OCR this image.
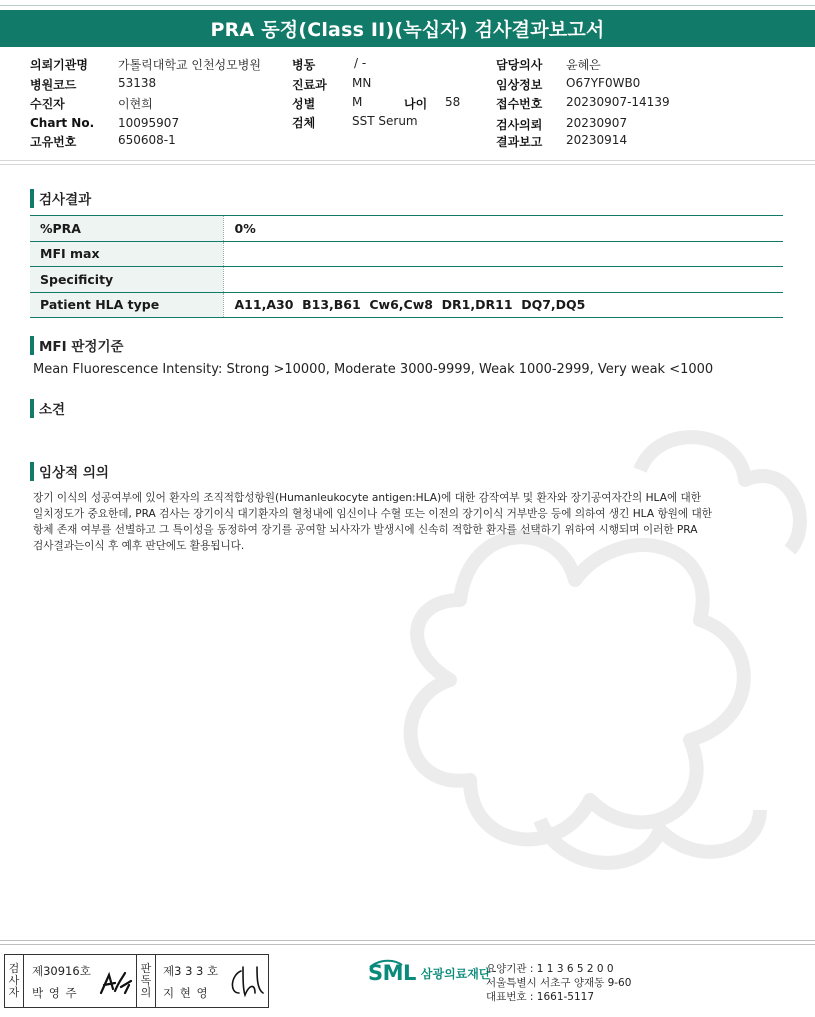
PRA 동정(Class II)(녹십자) 검사결과보고서
의뢰기관명	가톨릭대학교 인천성모병원
병원코드	53138
수진자	이현희
Chart No. 10095907
고유번호	650608-1
병동	/ -
진료과 MN
성별	M	나이 58
검체	SST Serum
담당의사 윤혜은
임상정보 O67YF0WB0
접수번호 20230907-14139
검사의뢰 20230907
결과보고 20230914
검사결과
%PRA	0%
MFI max	
Specificity	
Patient HLA type	A11,A30  B13,B61  Cw6,Cw8  DR1,DR11  DQ7,DQ5
MFI 판정기준
Mean Fluorescence Intensity: Strong >10000, Moderate 3000-9999, Weak 1000-2999, Very weak <1000
소견
임상적 의의
장기 이식의 성공여부에 있어 환자의 조직적합성항원(Humanleukocyte antigen:HLA)에 대한 감작여부 및 환자와 장기공여자간의 HLA에 대한
일치정도가 중요한데, PRA 검사는 장기이식 대기환자의 혈청내에 임신이나 수혈 또는 이전의 장기이식 거부반응 등에 의하여 생긴 HLA 항원에 대한
항체 존재 여부를 선별하고 그 특이성을 동정하여 장기를 공여할 뇌사자가 발생시에 신속히 적합한 환자를 선택하기 위하여 시행되며 이러한 PRA
검사결과는이식 후 예후 판단에도 활용됩니다.
검
사
자
제30916호
박 영 주
판
독
의
제3 3 3 호
지 현 영
SML 삼광의료재단
요양기관 : 1 1 3 6 5 2 0 0
서울특별시 서초구 양재동 9-60
대표번호 : 1661-5117
